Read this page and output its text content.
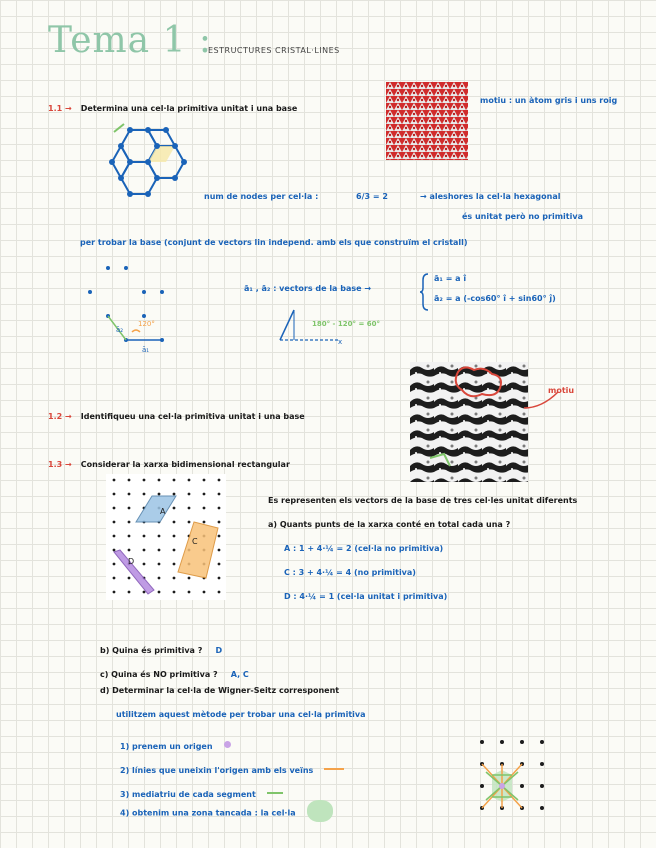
Tema 1 :
ESTRUCTURES CRISTAL·LINES
1.1 → Determina una cel·la primitiva unitat i una base
motiu : un àtom gris i uns roig
num de nodes per cel·la :	6/3 = 2	→ aleshores la cel·la hexagonal
és unitat però no primitiva
per trobar la base (conjunt de vectors lin independ. amb els que construïm el cristall)
120°
ā₂
ā₁
ā₁ , ā₂ : vectors de la base →
ā₁ = a î
ā₂ = a (-cos60° î + sin60° ĵ)
x
180° - 120° = 60°
1.2 → Identifiqueu una cel·la primitiva unitat i una base
motiu
1.3 → Considerar la xarxa bidimensional rectangular
A
C
D
Es representen els vectors de la base de tres cel·les unitat diferents
a) Quants punts de la xarxa conté en total cada una ?
A : 1 + 4·¼ = 2 (cel·la no primitiva)
C : 3 + 4·¼ = 4 (no primitiva)
D : 4·¼ = 1 (cel·la unitat i primitiva)
b) Quina és primitiva ? D
c) Quina és NO primitiva ? A, C
d) Determinar la cel·la de Wigner-Seitz corresponent
utilitzem aquest mètode per trobar una cel·la primitiva
1) prenem un origen
2) línies que uneixin l'origen amb els veïns
3) mediatriu de cada segment
4) obtenim una zona tancada : la cel·la
